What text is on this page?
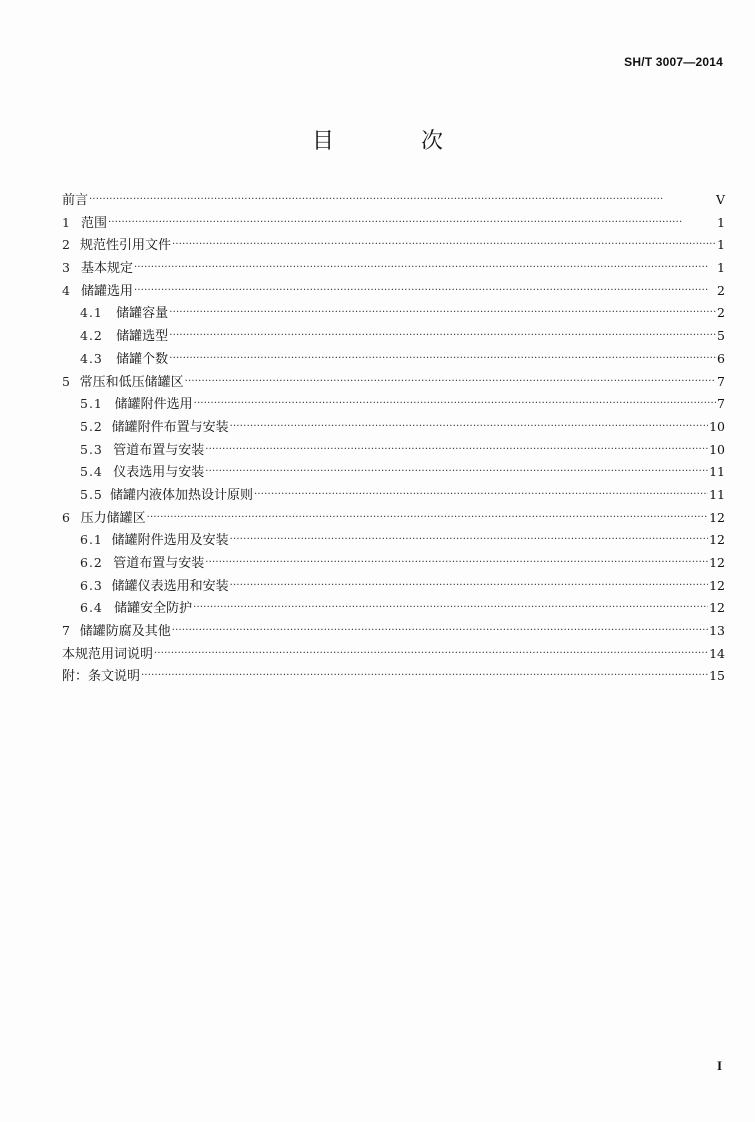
SH/T 3007—2014
目 次
前言 ·····	V
1 范围 ·····	1
2 规范性引用文件 ·····	1
3 基本规定 ·····	1
4 储罐选用 ·····	2
4.1	储罐容量 ·····	2
4.2	储罐选型 ·····	5
4.3	储罐个数 ·····	6
5 常压和低压储罐区 ·····	7
5.1 储罐附件选用 ·····	7
5.2 储罐附件布置与安装 ·····	10
5.3 管道布置与安装 ·····	10
5.4 仪表选用与安装 ·····	11
5.5 储罐内液体加热设计原则 ·····	11
6 压力储罐区 ·····	12
6.1 储罐附件选用及安装 ·····	12
6.2 管道布置与安装 ·····	12
6.3 储罐仪表选用和安装 ·····	12
6.4 储罐安全防护 ·····	12
7 储罐防腐及其他 ·····	13
本规范用词说明 ·····	14
附：条文说明 ·····	15
I
